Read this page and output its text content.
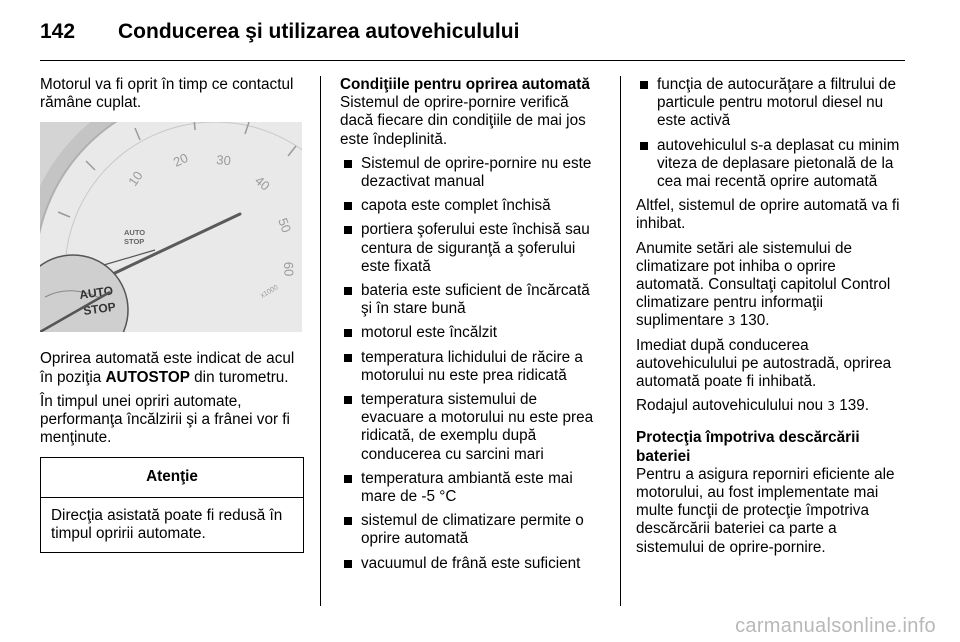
142	Conducerea şi utilizarea autovehiculului

Motorul va fi oprit în timp ce contactul rămâne cuplat.

10
20 30
40
50
60
x1000
AUTO
STOP
AUTO
STOP

Oprirea automată este indicat de acul în poziţia AUTOSTOP din turometru.

În timpul unei opriri automate, performanţa încălzirii şi a frânei vor fi menţinute.

Atenţie
Direcţia asistată poate fi redusă în timpul opririi automate.
Condiţiile pentru oprirea automată

Sistemul de oprire-pornire verifică dacă fiecare din condiţiile de mai jos este îndeplinită.

Sistemul de oprire-pornire nu este dezactivat manual
capota este complet închisă
portiera şoferului este închisă sau centura de siguranţă a şoferului este fixată
bateria este suficient de încărcată şi în stare bună
motorul este încălzit
temperatura lichidului de răcire a motorului nu este prea ridicată
temperatura sistemului de evacuare a motorului nu este prea ridicată, de exemplu după conducerea cu sarcini mari
temperatura ambiantă este mai mare de -5 °C
sistemul de climatizare permite o oprire automată
vacuumul de frână este suficient
funcţia de autocurăţare a filtrului de particule pentru motorul diesel nu este activă
autovehiculul s-a deplasat cu minim viteza de deplasare pietonală de la cea mai recentă oprire automată

Altfel, sistemul de oprire automată va fi inhibat.

Anumite setări ale sistemului de climatizare pot inhiba o oprire automată. Consultaţi capitolul Control climatizare pentru informaţii suplimentare 3 130.

Imediat după conducerea autovehiculului pe autostradă, oprirea automată poate fi inhibată.

Rodajul autovehiculului nou 3 139.

Protecţia împotriva descărcării bateriei

Pentru a asigura reporniri eficiente ale motorului, au fost implementate mai multe funcţii de protecţie împotriva descărcării bateriei ca parte a sistemului de oprire-pornire.

carmanualsonline.info
